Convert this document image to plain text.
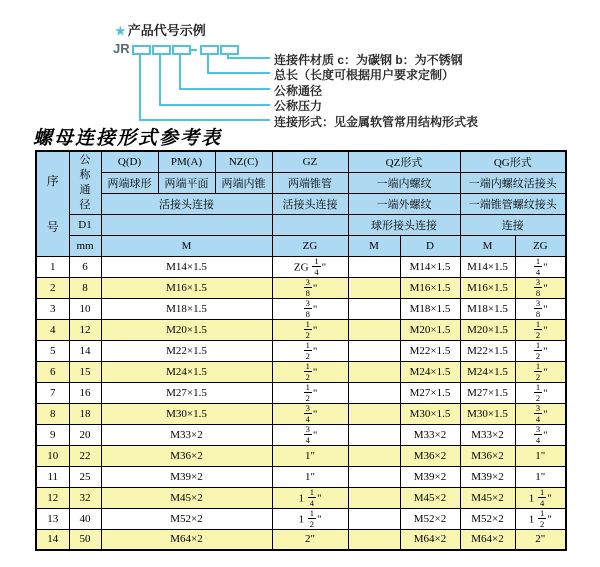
★ 产品代号示例
JR
连接件材质 c：为碳钢 b：为不锈钢
总长（长度可根据用户要求定制）
公称通径
公称压力
连接形式：见金属软管常用结构形式表
螺母连接形式参考表
序
号	公
称
通
径	Q(D)	PM(A)	NZ(C)	GZ	QZ形式		QG形式	
		两端球形	两端平面	两端内锥	两端锥管	一端内螺纹		一端内螺纹活接头	
		活接头连接			活接头连接	一端外螺纹		一端锥管螺纹接头	
	D1					球形接头连接		连接	
	mm	M			ZG	M	D	M	ZG
1	6	M14×1.5			ZG $\frac{1}{4}$ "		M14×1.5	M14×1.5	$\frac{1}{4}$ "
2	8	M16×1.5			$\frac{3}{8}$ "		M16×1.5	M16×1.5	$\frac{3}{8}$ "
3	10	M18×1.5			$\frac{3}{8}$ "		M18×1.5	M18×1.5	$\frac{3}{8}$ "
4	12	M20×1.5			$\frac{1}{2}$ "		M20×1.5	M20×1.5	$\frac{1}{2}$ "
5	14	M22×1.5			$\frac{1}{2}$ "		M22×1.5	M22×1.5	$\frac{1}{2}$ "
6	15	M24×1.5			$\frac{1}{2}$ "		M24×1.5	M24×1.5	$\frac{1}{2}$ "
7	16	M27×1.5			$\frac{1}{2}$ "		M27×1.5	M27×1.5	$\frac{1}{2}$ "
8	18	M30×1.5			$\frac{3}{4}$ "		M30×1.5	M30×1.5	$\frac{3}{4}$ "
9	20	M33×2			$\frac{3}{4}$ "		M33×2	M33×2	$\frac{3}{4}$ "
10	22	M36×2			1"		M36×2	M36×2	1"
11	25	M39×2			1"		M39×2	M39×2	1"
12	32	M45×2			$1 \frac{1}{4}$ "		M45×2	M45×2	$1 \frac{1}{4}$ "
13	40	M52×2			$1 \frac{1}{2}$ "		M52×2	M52×2	$1 \frac{1}{2}$ "
14	50	M64×2			2"		M64×2	M64×2	2"
